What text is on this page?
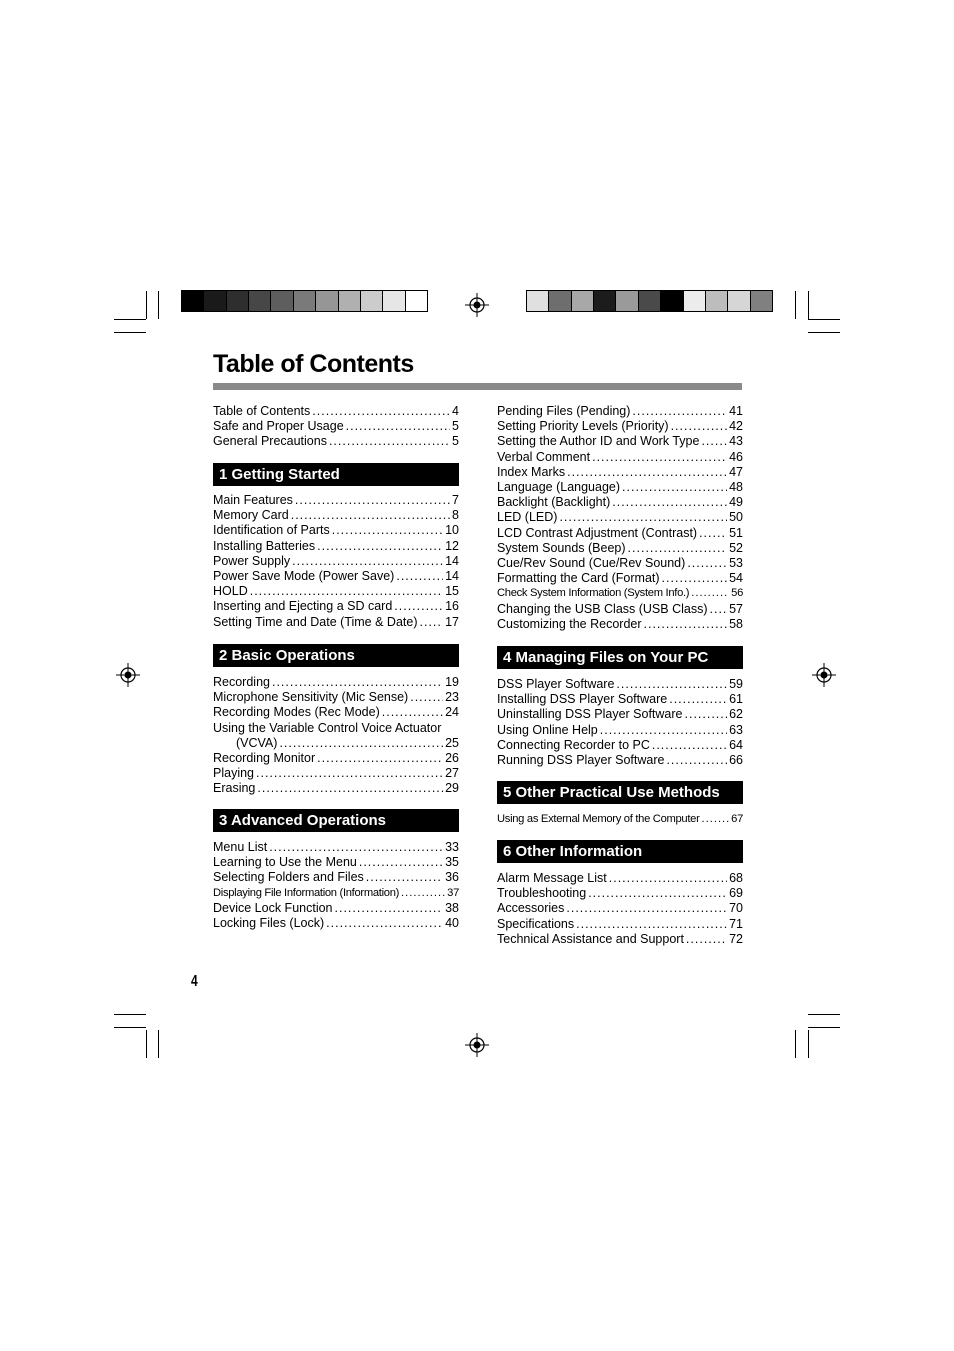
Table of Contents
Table of Contents .....	4
Safe and Proper Usage .....	5
General Precautions .....	5
1 Getting Started
Main Features .....	7
Memory Card .....	8
Identification of Parts .....	10
Installing Batteries .....	12
Power Supply .....	14
Power Save Mode (Power Save) .....	14
HOLD .....	15
Inserting and Ejecting a SD card .....	16
Setting Time and Date (Time & Date) ..... 17
2 Basic Operations
Recording .....	19
Microphone Sensitivity (Mic Sense) .....	23
Recording Modes (Rec Mode) .....	24
Using the Variable Control Voice Actuator
(VCVA) .....	25
Recording Monitor .....	26
Playing .....	27
Erasing .....	29
3 Advanced Operations
Menu List .....	33
Learning to Use the Menu .....	35
Selecting Folders and Files .....	36
Displaying File Information (Information) .....	37
Device Lock Function .....	38
Locking Files (Lock) .....	40
Pending Files (Pending) .....	41
Setting Priority Levels (Priority) .....	42
Setting the Author ID and Work Type ..... 43
Verbal Comment .....	46
Index Marks .....	47
Language (Language) .....	48
Backlight (Backlight) .....	49
LED (LED) .....	50
LCD Contrast Adjustment (Contrast) .....	51
System Sounds (Beep) .....	52
Cue/Rev Sound (Cue/Rev Sound) .....	53
Formatting the Card (Format) .....	54
Check System Information (System Info.) .....	56
Changing the USB Class (USB Class) ..... 57
Customizing the Recorder .....	58
4 Managing Files on Your PC
DSS Player Software .....	59
Installing DSS Player Software .....	61
Uninstalling DSS Player Software .....	62
Using Online Help .....	63
Connecting Recorder to PC .....	64
Running DSS Player Software .....	66
5 Other Practical Use Methods
Using as External Memory of the Computer .....	67
6 Other Information
Alarm Message List .....	68
Troubleshooting .....	69
Accessories .....	70
Specifications .....	71
Technical Assistance and Support .....	72
4
